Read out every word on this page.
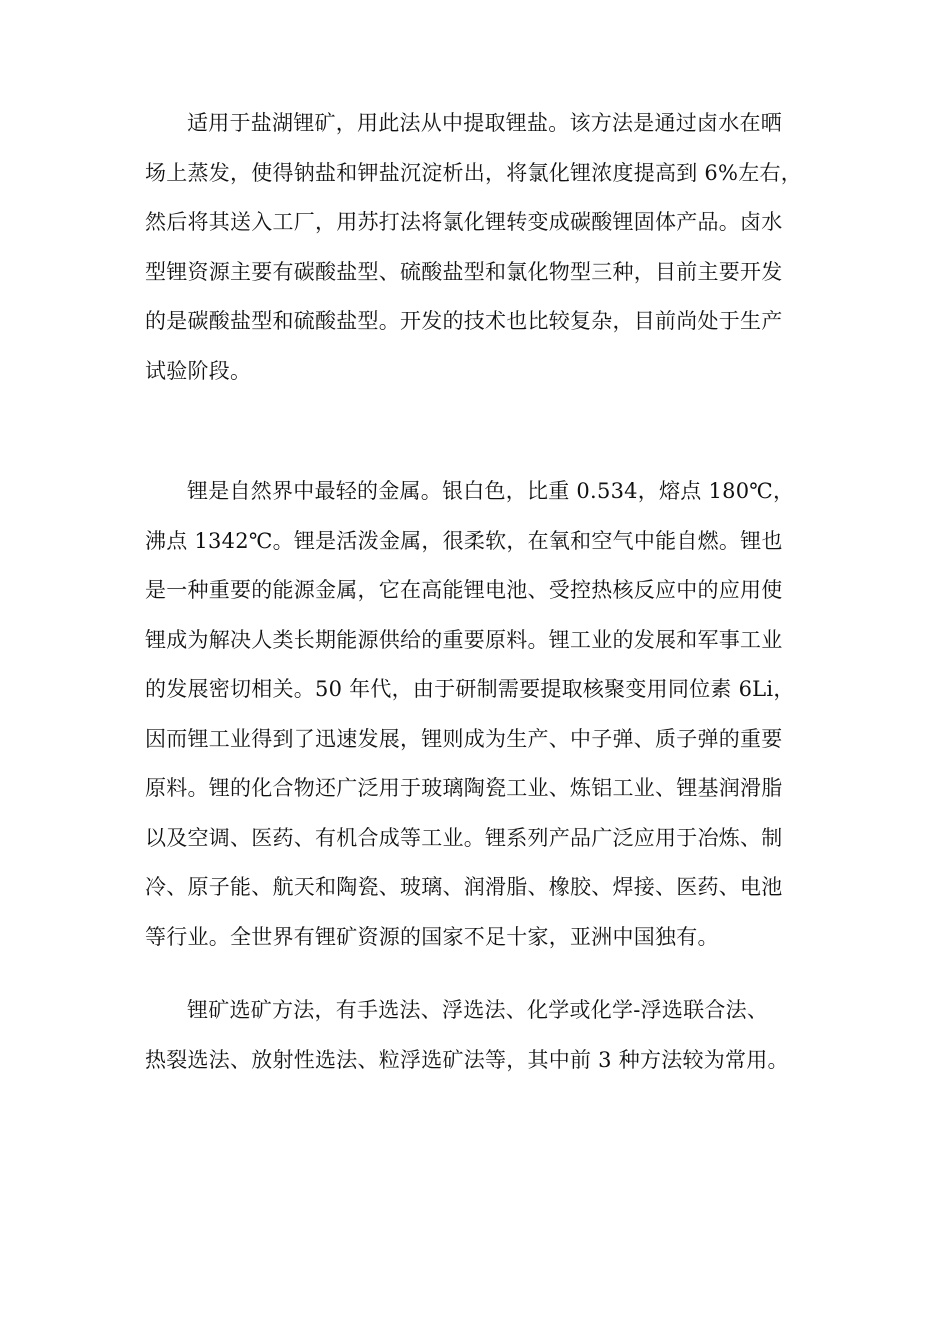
适用于盐湖锂矿，用此法从中提取锂盐。该方法是通过卤水在晒
场上蒸发，使得钠盐和钾盐沉淀析出，将氯化锂浓度提高到 6%左右，
然后将其送入工厂，用苏打法将氯化锂转变成碳酸锂固体产品。卤水
型锂资源主要有碳酸盐型、硫酸盐型和氯化物型三种，目前主要开发
的是碳酸盐型和硫酸盐型。开发的技术也比较复杂，目前尚处于生产
试验阶段。
锂是自然界中最轻的金属。银白色，比重 0.534，熔点 180℃，
沸点 1342℃。锂是活泼金属，很柔软，在氧和空气中能自燃。锂也
是一种重要的能源金属，它在高能锂电池、受控热核反应中的应用使
锂成为解决人类长期能源供给的重要原料。锂工业的发展和军事工业
的发展密切相关。50 年代，由于研制需要提取核聚变用同位素 6Li，
因而锂工业得到了迅速发展，锂则成为生产、中子弹、质子弹的重要
原料。锂的化合物还广泛用于玻璃陶瓷工业、炼铝工业、锂基润滑脂
以及空调、医药、有机合成等工业。锂系列产品广泛应用于冶炼、制
冷、原子能、航天和陶瓷、玻璃、润滑脂、橡胶、焊接、医药、电池
等行业。全世界有锂矿资源的国家不足十家，亚洲中国独有。
锂矿选矿方法，有手选法、浮选法、化学或化学-浮选联合法、
热裂选法、放射性选法、粒浮选矿法等，其中前 3 种方法较为常用。
